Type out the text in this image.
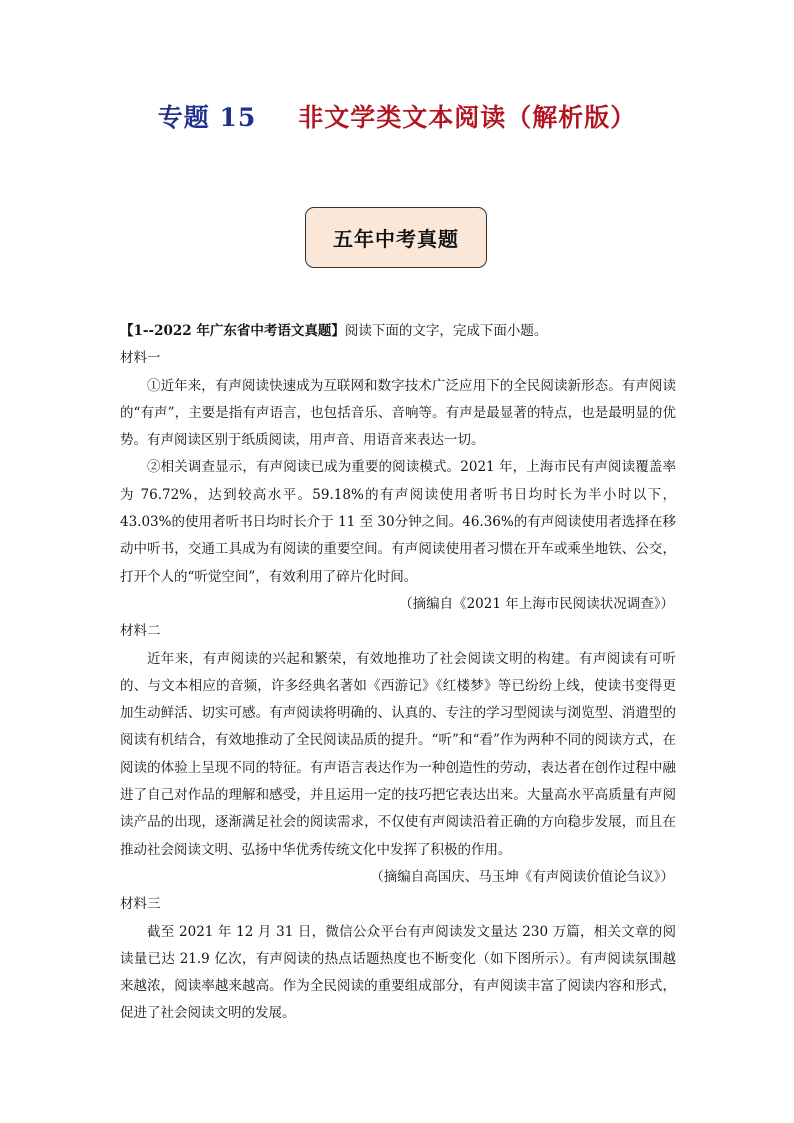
专题 15 非文学类文本阅读（解析版）
五年中考真题

【1--2022 年广东省中考语文真题】阅读下面的文字，完成下面小题。

材料一

①近年来，有声阅读快速成为互联网和数字技术广泛应用下的全民阅读新形态。有声阅读的“有声”，主要是指有声语言，也包括音乐、音响等。有声是最显著的特点，也是最明显的优势。有声阅读区别于纸质阅读，用声音、用语音来表达一切。

②相关调查显示，有声阅读已成为重要的阅读模式。2021 年，上海市民有声阅读覆盖率为 76.72%，达到较高水平。59.18%的有声阅读使用者听书日均时长为半小时以下，43.03%的使用者听书日均时长介于 11 至 30分钟之间。46.36%的有声阅读使用者选择在移动中听书，交通工具成为有阅读的重要空间。有声阅读使用者习惯在开车或乘坐地铁、公交，打开个人的“听觉空间”，有效利用了碎片化时间。

（摘编自《2021 年上海市民阅读状况调查》）

材料二

近年来，有声阅读的兴起和繁荣，有效地推功了社会阅读文明的构建。有声阅读有可听的、与文本相应的音频，许多经典名著如《西游记》《红楼梦》等已纷纷上线，使读书变得更加生动鲜活、切实可感。有声阅读将明确的、认真的、专注的学习型阅读与浏览型、消遣型的阅读有机结合，有效地推动了全民阅读品质的提升。“听”和“看”作为两种不同的阅读方式，在阅读的体验上呈现不同的特征。有声语言表达作为一种创造性的劳动，表达者在创作过程中融进了自己对作品的理解和感受，并且运用一定的技巧把它表达出来。大量高水平高质量有声阅读产品的出现，逐渐满足社会的阅读需求，不仅使有声阅读沿着正确的方向稳步发展，而且在推动社会阅读文明、弘扬中华优秀传统文化中发挥了积极的作用。

（摘编自高国庆、马玉坤《有声阅读价值论刍议》）

材料三

截至 2021 年 12 月 31 日，微信公众平台有声阅读发文量达 230 万篇，相关文章的阅读量已达 21.9 亿次，有声阅读的热点话题热度也不断变化（如下图所示）。有声阅读氛围越来越浓，阅读率越来越高。作为全民阅读的重要组成部分，有声阅读丰富了阅读内容和形式，促进了社会阅读文明的发展。
